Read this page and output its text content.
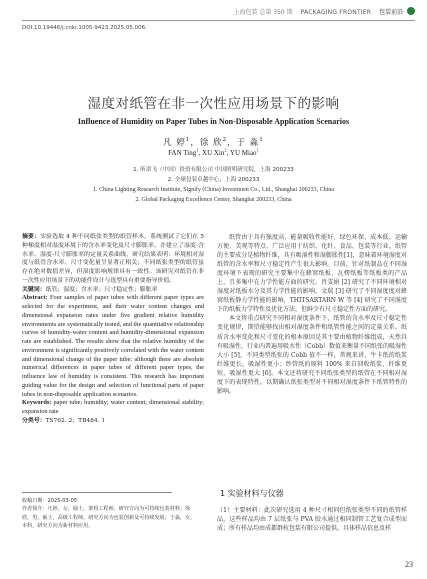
上海包装 总第 350 期 PACKAGING FRONTIER 包装前沿
DOI:10.19446/j.cnki.1005-9423.2025.05.006.
湿度对纸管在非一次性应用场景下的影响
Influence of Humidity on Paper Tubes in Non-Disposable Application Scenarios
凡 婷$^1$，徐 欣$^2$，于 淼$^1$
FAN Ting$^1$, XU Xin$^2$, YU Miao$^1$
1. 昕诺飞（中国）投资有限公司 中国照明研究院，上海 200233
2. 全球包装卓越中心，上海 200233
1. China Lighting Research Institute, Signify (China) Investment Co., Ltd., Shanghai 200233, China
2. Global Packaging Excellence Center, Shanghai 200233, China
摘要：实验选取 4 种不同纸张类型的纸管样本，系统测试了它们在 5 种梯度相对湿度环境下的含水率变化及尺寸膨胀率，并建立了湿度-含水率、湿度-尺寸膨胀率的定量关系曲线，研究结果表明：环境相对湿度与纸管含水率、尺寸变化量呈显著正相关；不同纸张类型的纸管虽存在绝对数值差异，但湿度影响规律具有一致性。该研究对纸管在非一次性应用场景下的功能件设计与选型具有重要指导价值。
关键词：纸管；湿度；含水率；尺寸稳定性；膨胀率
Abstract: Four samples of paper tubes with different paper types are selected for the experiment, and their water content changes and dimensional expansion rates under five gradient relative humidity environments are systematically tested, and the quantitative relationship curves of humidity-water content and humidity-dimensional expansion rate are established. The results show that the relative humidity of the environment is significantly positively correlated with the water content and dimensional change of the paper tube; although there are absolute numerical differences in paper tubes of different paper types, the influence law of humidity is consistent. This research has important guiding value for the design and selection of functional parts of paper tubes in non-disposable application scenarios.
Keywords: paper tube; humidity; water content; dimensional stability; expansion rate
分类号：TS762. 2；TB484. 1
收稿日期：2025-03-05
作者简介：凡婷，女，硕士，架构工程师，研究方向为可持续包装材料；徐欣，男，硕士，高级工程师，研究方向为包装创新及可持续发展；于淼，女，本科，研究方向为新材料应用。

纸管由于具有强度高、能量吸收性能好、绿色环保、成本低、运输方便、美观等特点，广泛应用于纺织、化纤、食品、包装等行业。纸管的主要成分是植物纤维，具有吸湿性和湿膨胀性[1]，意味着环境湿度对纸管的含水率和尺寸稳定性产生很大影响。目前，针对纸制品在不同湿度环境下表现的研究主要集中在蜂窝纸板、瓦楞纸板等纸板类的产品上，且多集中在力学性能方面的研究。肖雯娟 [2] 研究了不同环境相对湿度对纸板水分及其力学性能的影响，文瑞 [3] 研究了不同湿度度对蜂窝纸板静力学性能的影响，THITSARTARN W 等 [4] 研究了不同湿度下的纸板力学特性及优化方法，但鲜少有尺寸稳定性方面的研究。

本文将重点研究不同相对湿度条件下，纸管的含水率及尺寸稳定性变化规律，期望能够找出相对湿度条件和纸管性能之间的定量关系。纸质含水率变化和尺寸变化的根本原因是其主要由植物纤维组成，天然具有吸湿性，行业内普遍用吸水性（Cobb）数值来衡量不同纸张的吸湿性大小 [5]，不同类型纸张的 Cobb 值不一样，常规来讲，牛卡纸的纸浆纤维更长，吸湿性更小；纱管纸的原料 100% 来自回收纸浆，纤维更短，吸湿性更大 [6]。本文还将研究不同纸张类型的纸管在不同相对湿度下的表现特性，以期确认纸张类型对不同相对湿度条件下纸管特性的影响。

1 实验材料与仪器
（1）主要材料：此次研究选用 4 种尺寸相同但纸张类型不同的纸管样品，这些样品均由 7 层纸张与 PVA 胶水通过相同制管工艺复合成型而成；所有样品均由成都群杭包装有限公司提供。具体样品信息及样
23
